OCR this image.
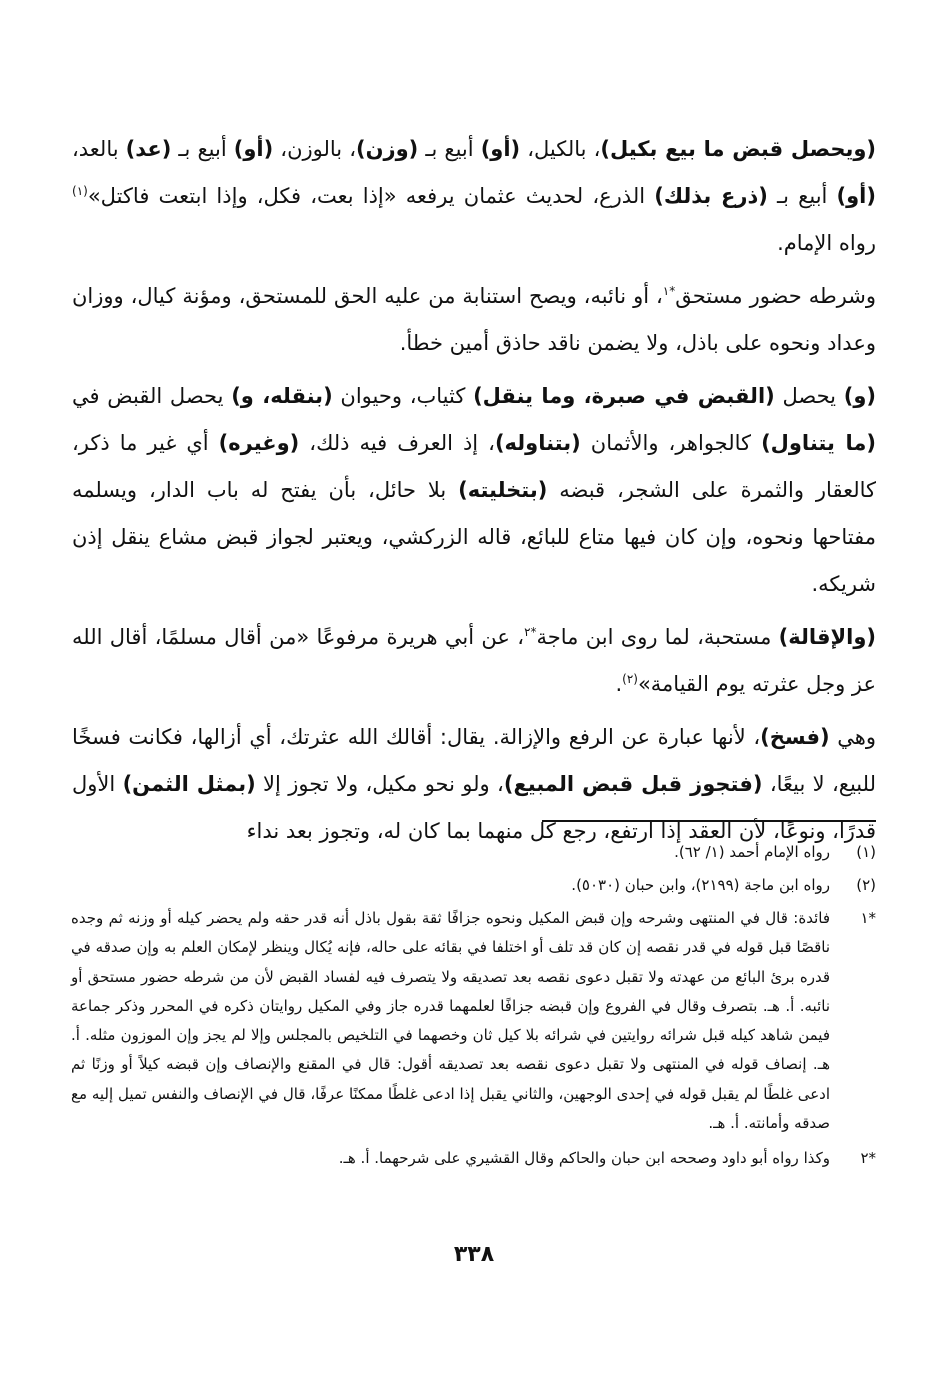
(ويحصل قبض ما بيع بكيل)، بالكيل، (أو) أبيع بـ (وزن)، بالوزن، (أو) أبيع بـ (عد) بالعد، (أو) أبيع بـ (ذرع بذلك) الذرع، لحديث عثمان يرفعه «إذا بعت، فكل، وإذا ابتعت فاكتل»$^{(١)}$ رواه الإمام.

وشرطه حضور مستحق$^{*١}$، أو نائبه، ويصح استنابة من عليه الحق للمستحق، ومؤنة كيال، ووزان وعداد ونحوه على باذل، ولا يضمن ناقد حاذق أمين خطأ.

(و) يحصل (القبض في صبرة، وما ينقل) كثياب، وحيوان (بنقله، و) يحصل القبض في (ما يتناول) كالجواهر، والأثمان (بتناوله)، إذ العرف فيه ذلك، (وغيره) أي غير ما ذكر، كالعقار والثمرة على الشجر، قبضه (بتخليته) بلا حائل، بأن يفتح له باب الدار، ويسلمه مفتاحها ونحوه، وإن كان فيها متاع للبائع، قاله الزركشي، ويعتبر لجواز قبض مشاع ينقل إذن شريكه.

(والإقالة) مستحبة، لما روى ابن ماجة$^{*٢}$، عن أبي هريرة مرفوعًا «من أقال مسلمًا، أقال الله عز وجل عثرته يوم القيامة»$^{(٢)}$.

وهي (فسخ)، لأنها عبارة عن الرفع والإزالة. يقال: أقالك الله عثرتك، أي أزالها، فكانت فسخًا للبيع، لا بيعًا، (فتجوز قبل قبض المبيع)، ولو نحو مكيل، ولا تجوز إلا (بمثل الثمن) الأول قدرًا، ونوعًا، لأن العقد إذا ارتفع، رجع كل منهما بما كان له، وتجوز بعد نداء

(١)
رواه الإمام أحمد (١/ ٦٢).
(٢)
رواه ابن ماجة (٢١٩٩)، وابن حبان (٥٠٣٠).
*١
فائدة: قال في المنتهى وشرحه وإن قبض المكيل ونحوه جزافًا ثقة بقول باذل أنه قدر حقه ولم يحضر كيله أو وزنه ثم وجده ناقصًا قبل قوله في قدر نقصه إن كان قد تلف أو اختلفا في بقائه على حاله، فإنه يُكال وينظر لإمكان العلم به وإن صدقه في قدره برئ البائع من عهدته ولا تقبل دعوى نقصه بعد تصديقه ولا يتصرف فيه لفساد القبض لأن من شرطه حضور مستحق أو نائبه. أ. هـ. بتصرف وقال في الفروع وإن قبضه جزافًا لعلمهما قدره جاز وفي المكيل روايتان ذكره في المحرر وذكر جماعة فيمن شاهد كيله قبل شرائه روايتين في شرائه بلا كيل ثان وخصهما في التلخيص بالمجلس وإلا لم يجز وإن الموزون مثله. أ. هـ. إنصاف قوله في المنتهى ولا تقبل دعوى نقصه بعد تصديقه أقول: قال في المقنع والإنصاف وإن قبضه كيلاً أو وزنًا ثم ادعى غلطًا لم يقبل قوله في إحدى الوجهين، والثاني يقبل إذا ادعى غلطًا ممكنًا عرفًا، قال في الإنصاف والنفس تميل إليه مع صدقه وأمانته. أ. هـ.
*٢
وكذا رواه أبو داود وصححه ابن حبان والحاكم وقال القشيري على شرحهما. أ. هـ.
٣٣٨
